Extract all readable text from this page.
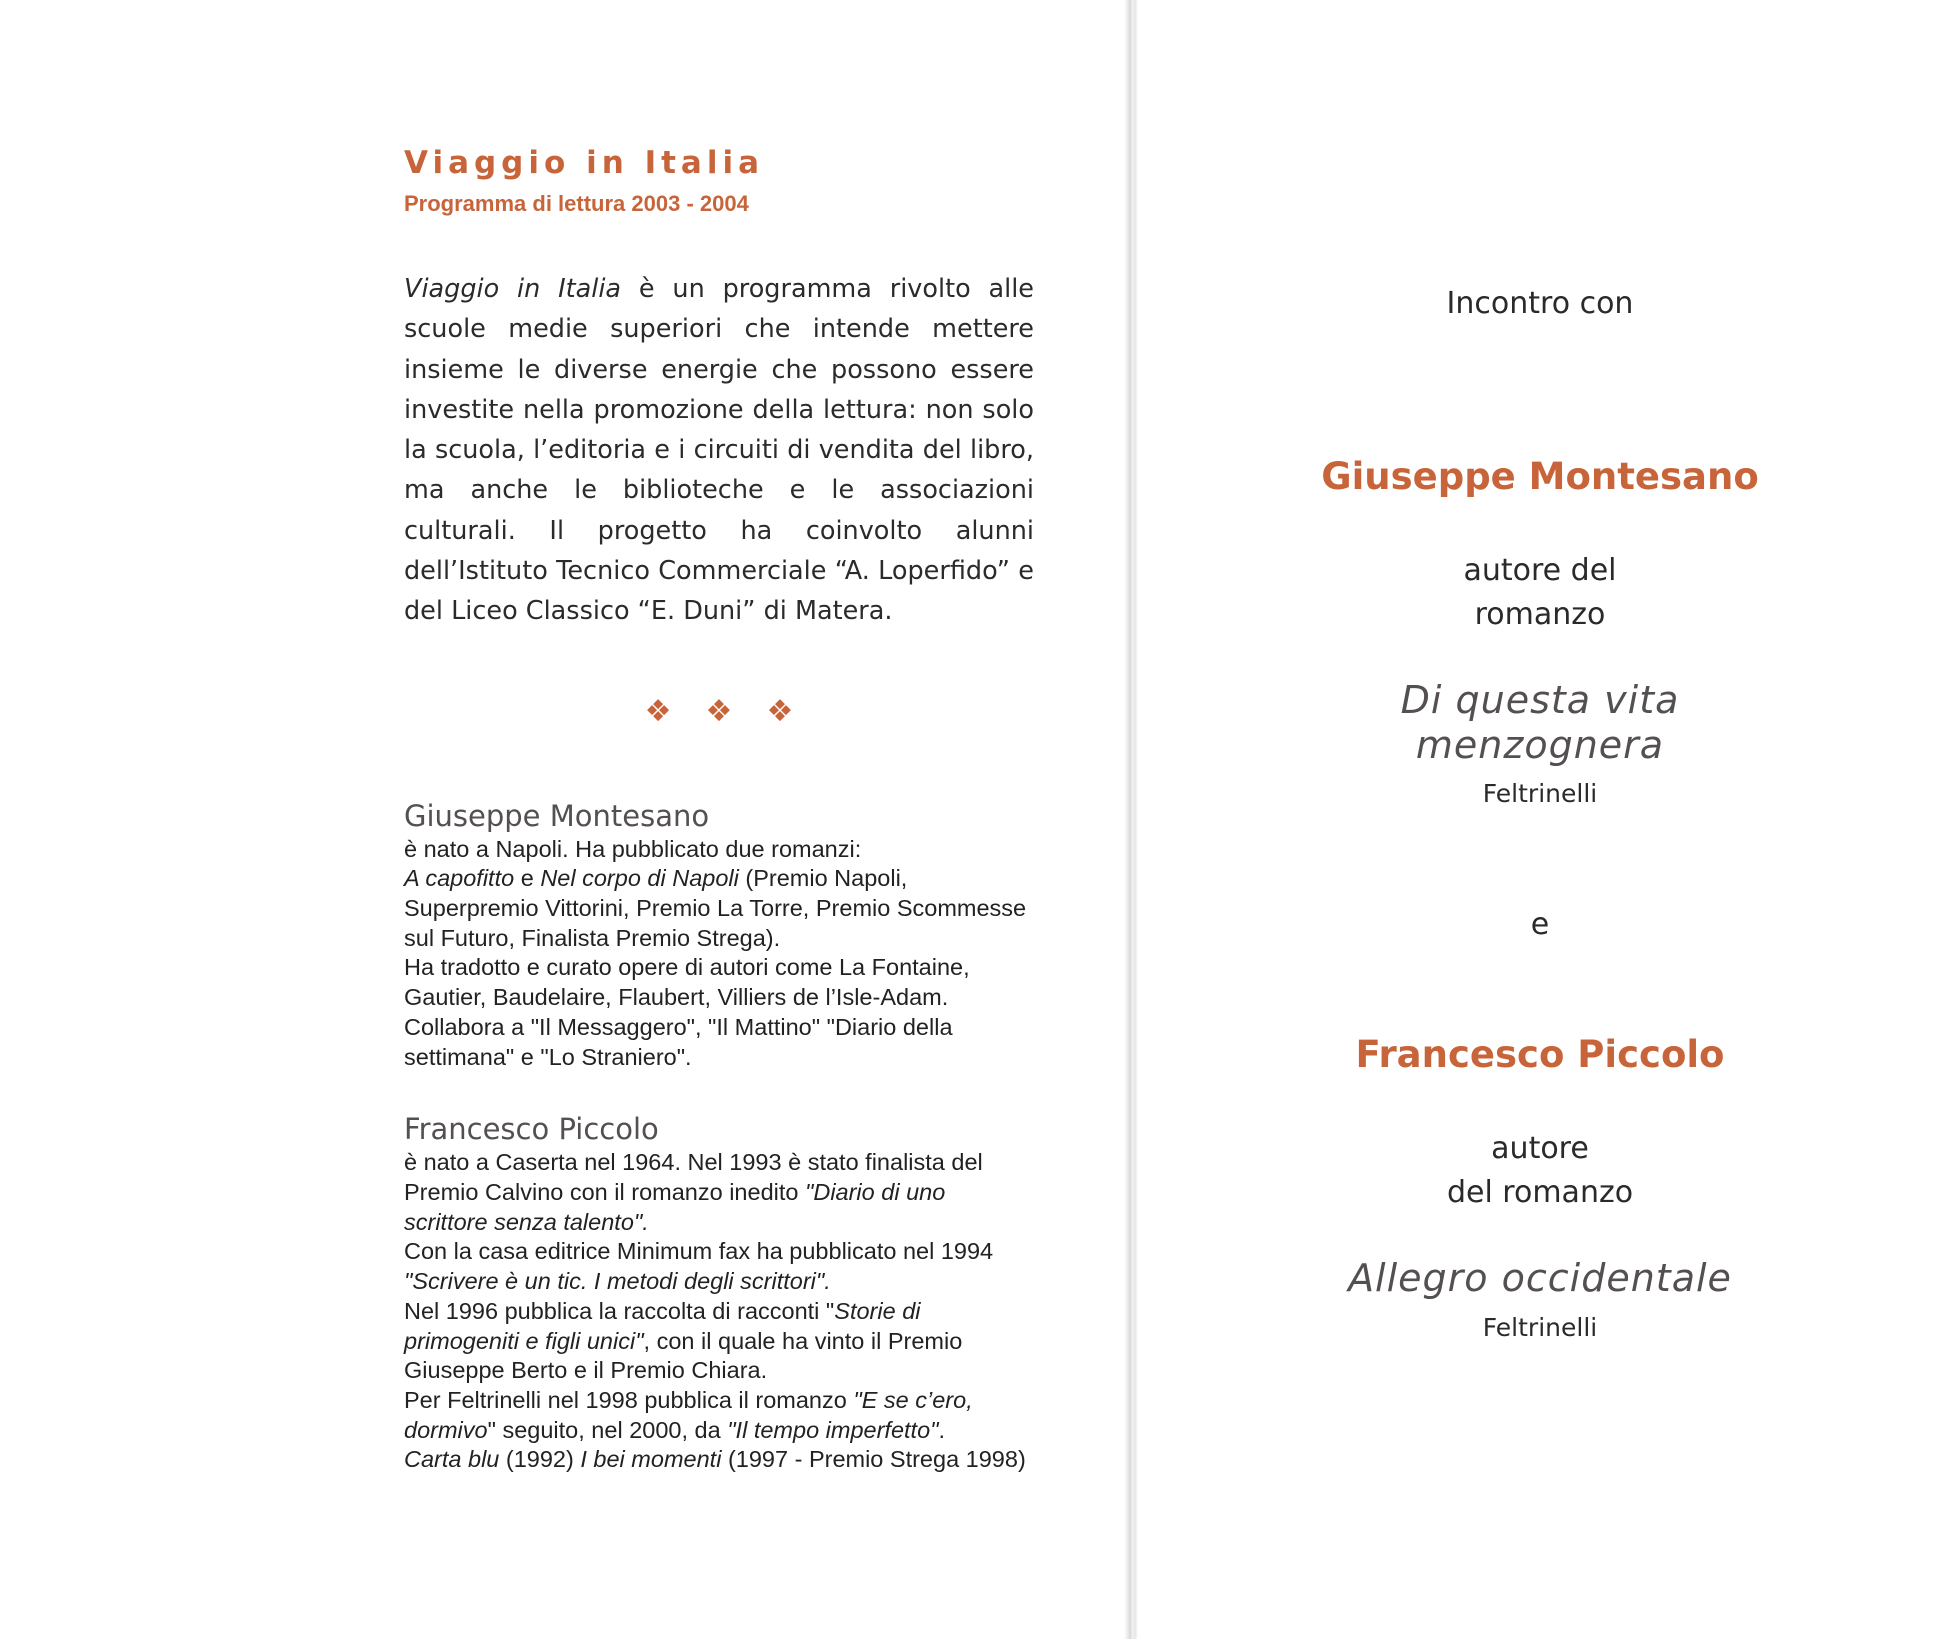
Viaggio in Italia
Programma di lettura 2003 - 2004
Viaggio in Italia è un programma rivolto alle scuole medie superiori che intende mettere insieme le diverse energie che possono essere investite nella promozione della lettura: non solo la scuola, l’editoria e i circuiti di vendita del libro, ma anche le biblioteche e le associazioni culturali. Il progetto ha coinvolto alunni dell’Istituto Tecnico Commerciale “A. Loperfido” e del Liceo Classico “E. Duni” di Matera.
❖❖❖
Giuseppe Montesano
è nato a Napoli. Ha pubblicato due romanzi:
A capofitto e Nel corpo di Napoli (Premio Napoli,
Superpremio Vittorini, Premio La Torre, Premio Scommesse
sul Futuro, Finalista Premio Strega).
Ha tradotto e curato opere di autori come La Fontaine,
Gautier, Baudelaire, Flaubert, Villiers de l’Isle-Adam.
Collabora a "Il Messaggero", "Il Mattino" "Diario della
settimana" e "Lo Straniero".
Francesco Piccolo
è nato a Caserta nel 1964. Nel 1993 è stato finalista del
Premio Calvino con il romanzo inedito "Diario di uno
scrittore senza talento".
Con la casa editrice Minimum fax ha pubblicato nel 1994
"Scrivere è un tic. I metodi degli scrittori".
Nel 1996 pubblica la raccolta di racconti "Storie di
primogeniti e figli unici", con il quale ha vinto il Premio
Giuseppe Berto e il Premio Chiara.
Per Feltrinelli nel 1998 pubblica il romanzo "E se c’ero,
dormivo" seguito, nel 2000, da "Il tempo imperfetto".
Carta blu (1992) I bei momenti (1997 - Premio Strega 1998)
Incontro con
Giuseppe Montesano
autore del
romanzo
Di questa vita
menzognera
Feltrinelli
e
Francesco Piccolo
autore
del romanzo
Allegro occidentale
Feltrinelli
